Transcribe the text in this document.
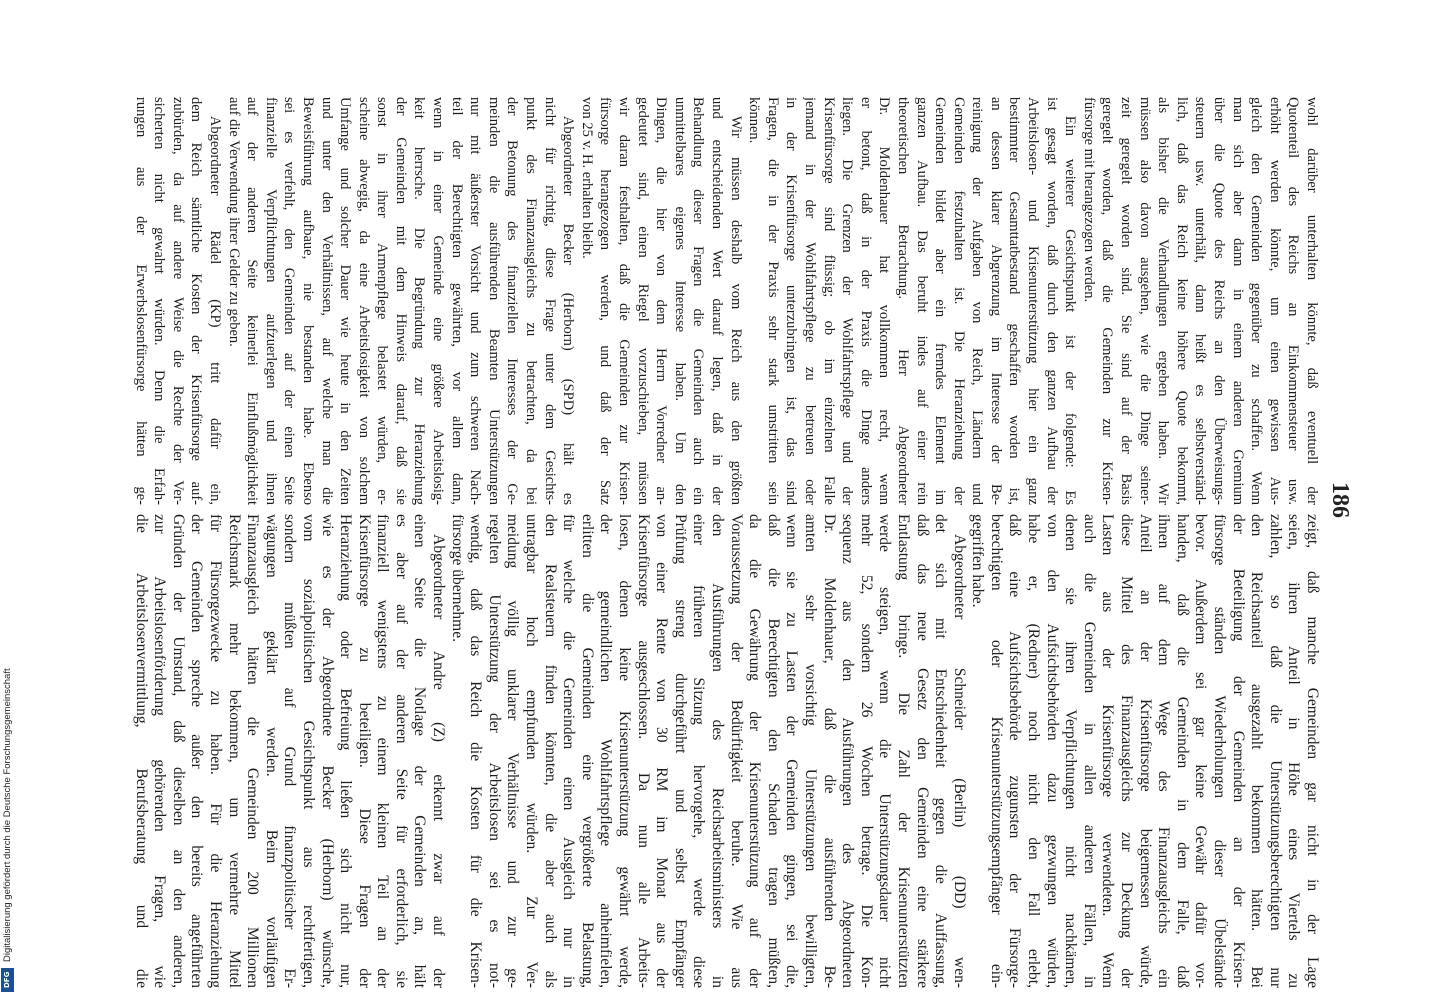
186
wohl darüber unterhalten könnte, daß eventuell der
Quotenteil des Reichs an Einkommensteuer usw.
erhöht werden könnte, um einen gewissen Aus-
gleich den Gemeinden gegenüber zu schaffen. Wenn
man sich aber dann in einem anderen Gremium
über die Quote des Reichs an den Überweisungs-
steuern usw. unterhält, dann heißt es selbstverständ-
lich, daß das Reich keine höhere Quote bekommt,
als bisher die Verhandlungen ergeben haben. Wir
müssen also davon ausgehen, wie die Dinge seiner-
zeit geregelt worden sind. Sie sind auf der Basis
geregelt worden, daß die Gemeinden zur Krisen-
fürsorge mit herangezogen werden.
Ein weiterer Gesichtspunkt ist der folgende: Es
ist gesagt worden, daß durch den ganzen Aufbau der
Arbeitslosen- und Krisenunterstützung hier ein ganz
bestimmter Gesamttatbestand geschaffen worden ist,
an dessen klarer Abgrenzung im Interesse der Be-
reinigung der Aufgaben von Reich, Ländern und
Gemeinden festzuhalten ist. Die Heranziehung der
Gemeinden bildet aber ein fremdes Element im
ganzen Aufbau. Das beruht indes auf einer rein
theoretischen Betrachtung. Herr Abgeordneter
Dr. Moldenhauer hat vollkommen recht, wenn
er betont, daß in der Praxis die Dinge anders
liegen. Die Grenzen der Wohlfahrtspflege und der
Krisenfürsorge sind flüssig; ob im einzelnen Falle
jemand in der Wohlfahrtspflege zu betreuen oder
in der Krisenfürsorge unterzubringen ist, das sind
Fragen, die in der Praxis sehr stark umstritten sein
können.
Wir müssen deshalb vom Reich aus den größten
und entscheidenden Wert darauf legen, daß in der
Behandlung dieser Fragen die Gemeinden auch ein
unmittelbares eigenes Interesse haben. Um den
Dingen, die hier von dem Herrn Vorredner an-
gedeutet sind, einen Riegel vorzuschieben, müssen
wir daran festhalten, daß die Gemeinden zur Krisen-
fürsorge herangezogen werden, und daß der Satz
von 25 v. H. erhalten bleibt.
Abgeordneter Becker (Herborn) (SPD) hält es
nicht für richtig, diese Frage unter dem Gesichts-
punkt des Finanzausgleichs zu betrachten, da bei
der Betonung des finanziellen Interesses der Ge-
meinden die ausführenden Beamten Unterstützungen
nur mit äußerster Vorsicht und zum schweren Nach-
teil der Berechtigten gewährten, vor allem dann,
wenn in einer Gemeinde eine größere Arbeitslosig-
keit herrsche. Die Begründung zur Heranziehung
der Gemeinden mit dem Hinweis darauf, daß sie
sonst in ihrer Armenpflege belastet würden, er-
scheine abwegig, da eine Arbeitslosigkeit von solchem
Umfange und solcher Dauer wie heute in den Zeiten
und unter den Verhältnissen, auf welche man die
Beweisführung aufbaue, nie bestanden habe. Ebenso
sei es verfehlt, den Gemeinden auf der einen Seite
finanzielle Verpflichtungen aufzuerlegen und ihnen
auf der anderen Seite keinerlei Einflußmöglichkeit
auf die Verwendung ihrer Gelder zu geben.
Abgeordneter Rädel (KP) tritt dafür ein,
dem Reich sämtliche Kosten der Krisenfürsorge auf-
zubürden, da auf andere Weise die Rechte der Ver-
sicherten nicht gewahrt würden. Denn die Erfah-
rungen aus der Erwerbslosenfürsorge hätten ge-
zeigt, daß manche Gemeinden gar nicht in der Lage
seien, ihren Anteil in Höhe eines Viertels zu
zahlen, so daß die Unterstützungsberechtigten nur
den Reichsanteil ausgezahlt bekommen hätten. Bei
der Beteiligung der Gemeinden an der Krisen-
fürsorge ständen Wiederholungen dieser Übelstände
bevor. Außerdem sei gar keine Gewähr dafür vor-
handen, daß die Gemeinden in dem Falle, daß
ihnen auf dem Wege des Finanzausgleichs ein
Anteil an der Krisenfürsorge beigemessen würde,
diese Mittel des Finanzausgleichs zur Deckung der
Lasten aus der Krisenfürsorge verwendeten. Wenn
auch die Gemeinden in allen anderen Fällen, in
denen sie ihren Verpflichtungen nicht nachkämen,
von den Aufsichtsbehörden dazu gezwungen würden,
habe er, (Redner) noch nicht den Fall erlebt,
daß eine Aufsichtsbehörde zugunsten der Fürsorge-
berechtigten oder Krisenunterstützungsempfänger ein-
gegriffen habe.
Abgeordneter Schneider (Berlin) (DD) wen-
det sich mit Entschiedenheit gegen die Auffassung,
daß das neue Gesetz den Gemeinden eine stärkere
Entlastung bringe. Die Zahl der Krisenunterstützten
werde steigen, wenn die Unterstützungsdauer nicht
mehr 52, sondern 26 Wochen betrage. Die Kon-
sequenz aus den Ausführungen des Abgeordneten
Dr. Moldenhauer, daß die ausführenden Be-
amten sehr vorsichtig Unterstützungen bewilligten,
wenn sie zu Lasten der Gemeinden gingen, sei die,
daß die Berechtigten den Schaden tragen müßten,
da die Gewährung der Krisenunterstützung auf der
Voraussetzung der Bedürftigkeit beruhe. Wie aus
den Ausführungen des Reichsarbeitsministers in
einer früheren Sitzung hervorgehe, werde diese
Prüfung streng durchgeführt und selbst Empfänger
von einer Rente von 30 RM im Monat aus der
Krisenfürsorge ausgeschlossen. Da nun alle Arbeits-
losen, denen keine Krisenunterstützung gewährt werde,
der gemeindlichen Wohlfahrtspflege anheimfielen,
erlitten die Gemeinden eine vergrößerte Belastung,
für welche die Gemeinden einen Ausgleich nur in
den Realsteuern finden könnten, die aber auch als
untragbar hoch empfunden würden. Zur Ver-
meidung völlig unklarer Verhältnisse und zur ge-
regelten Unterstützung der Arbeitslosen sei es not-
wendig, daß das Reich die Kosten für die Krisen-
fürsorge übernehme.
Abgeordneter Andre (Z) erkennt zwar auf der
einen Seite die Notlage der Gemeinden an, hält
es aber auf der anderen Seite für erforderlich, sie
finanziell wenigstens zu einem kleinen Teil an der
Krisenfürsorge zu beteiligen. Diese Fragen der
Heranziehung oder Befreiung ließen sich nicht nur,
wie es der Abgeordnete Becker (Herborn) wünsche,
vom sozialpolitischen Gesichtspunkt aus rechtfertigen,
sondern müßten auf Grund finanzpolitischer Er-
wägungen geklärt werden. Beim vorläufigen
Finanzausgleich hätten die Gemeinden 200 Millionen
Reichsmark mehr bekommen, um vermehrte Mittel
für Fürsorgezwecke zu haben. Für die Heranziehung
der Gemeinden spreche außer den bereits angeführten
Gründen der Umstand, daß dieselben an den anderen,
zur Arbeitslosenförderung gehörenden Fragen, wie
die Arbeitslosenvermittlung, Berufsberatung und die
Digitalisierung gefördert durch die Deutsche Forschungsgemeinschaft
DFG
